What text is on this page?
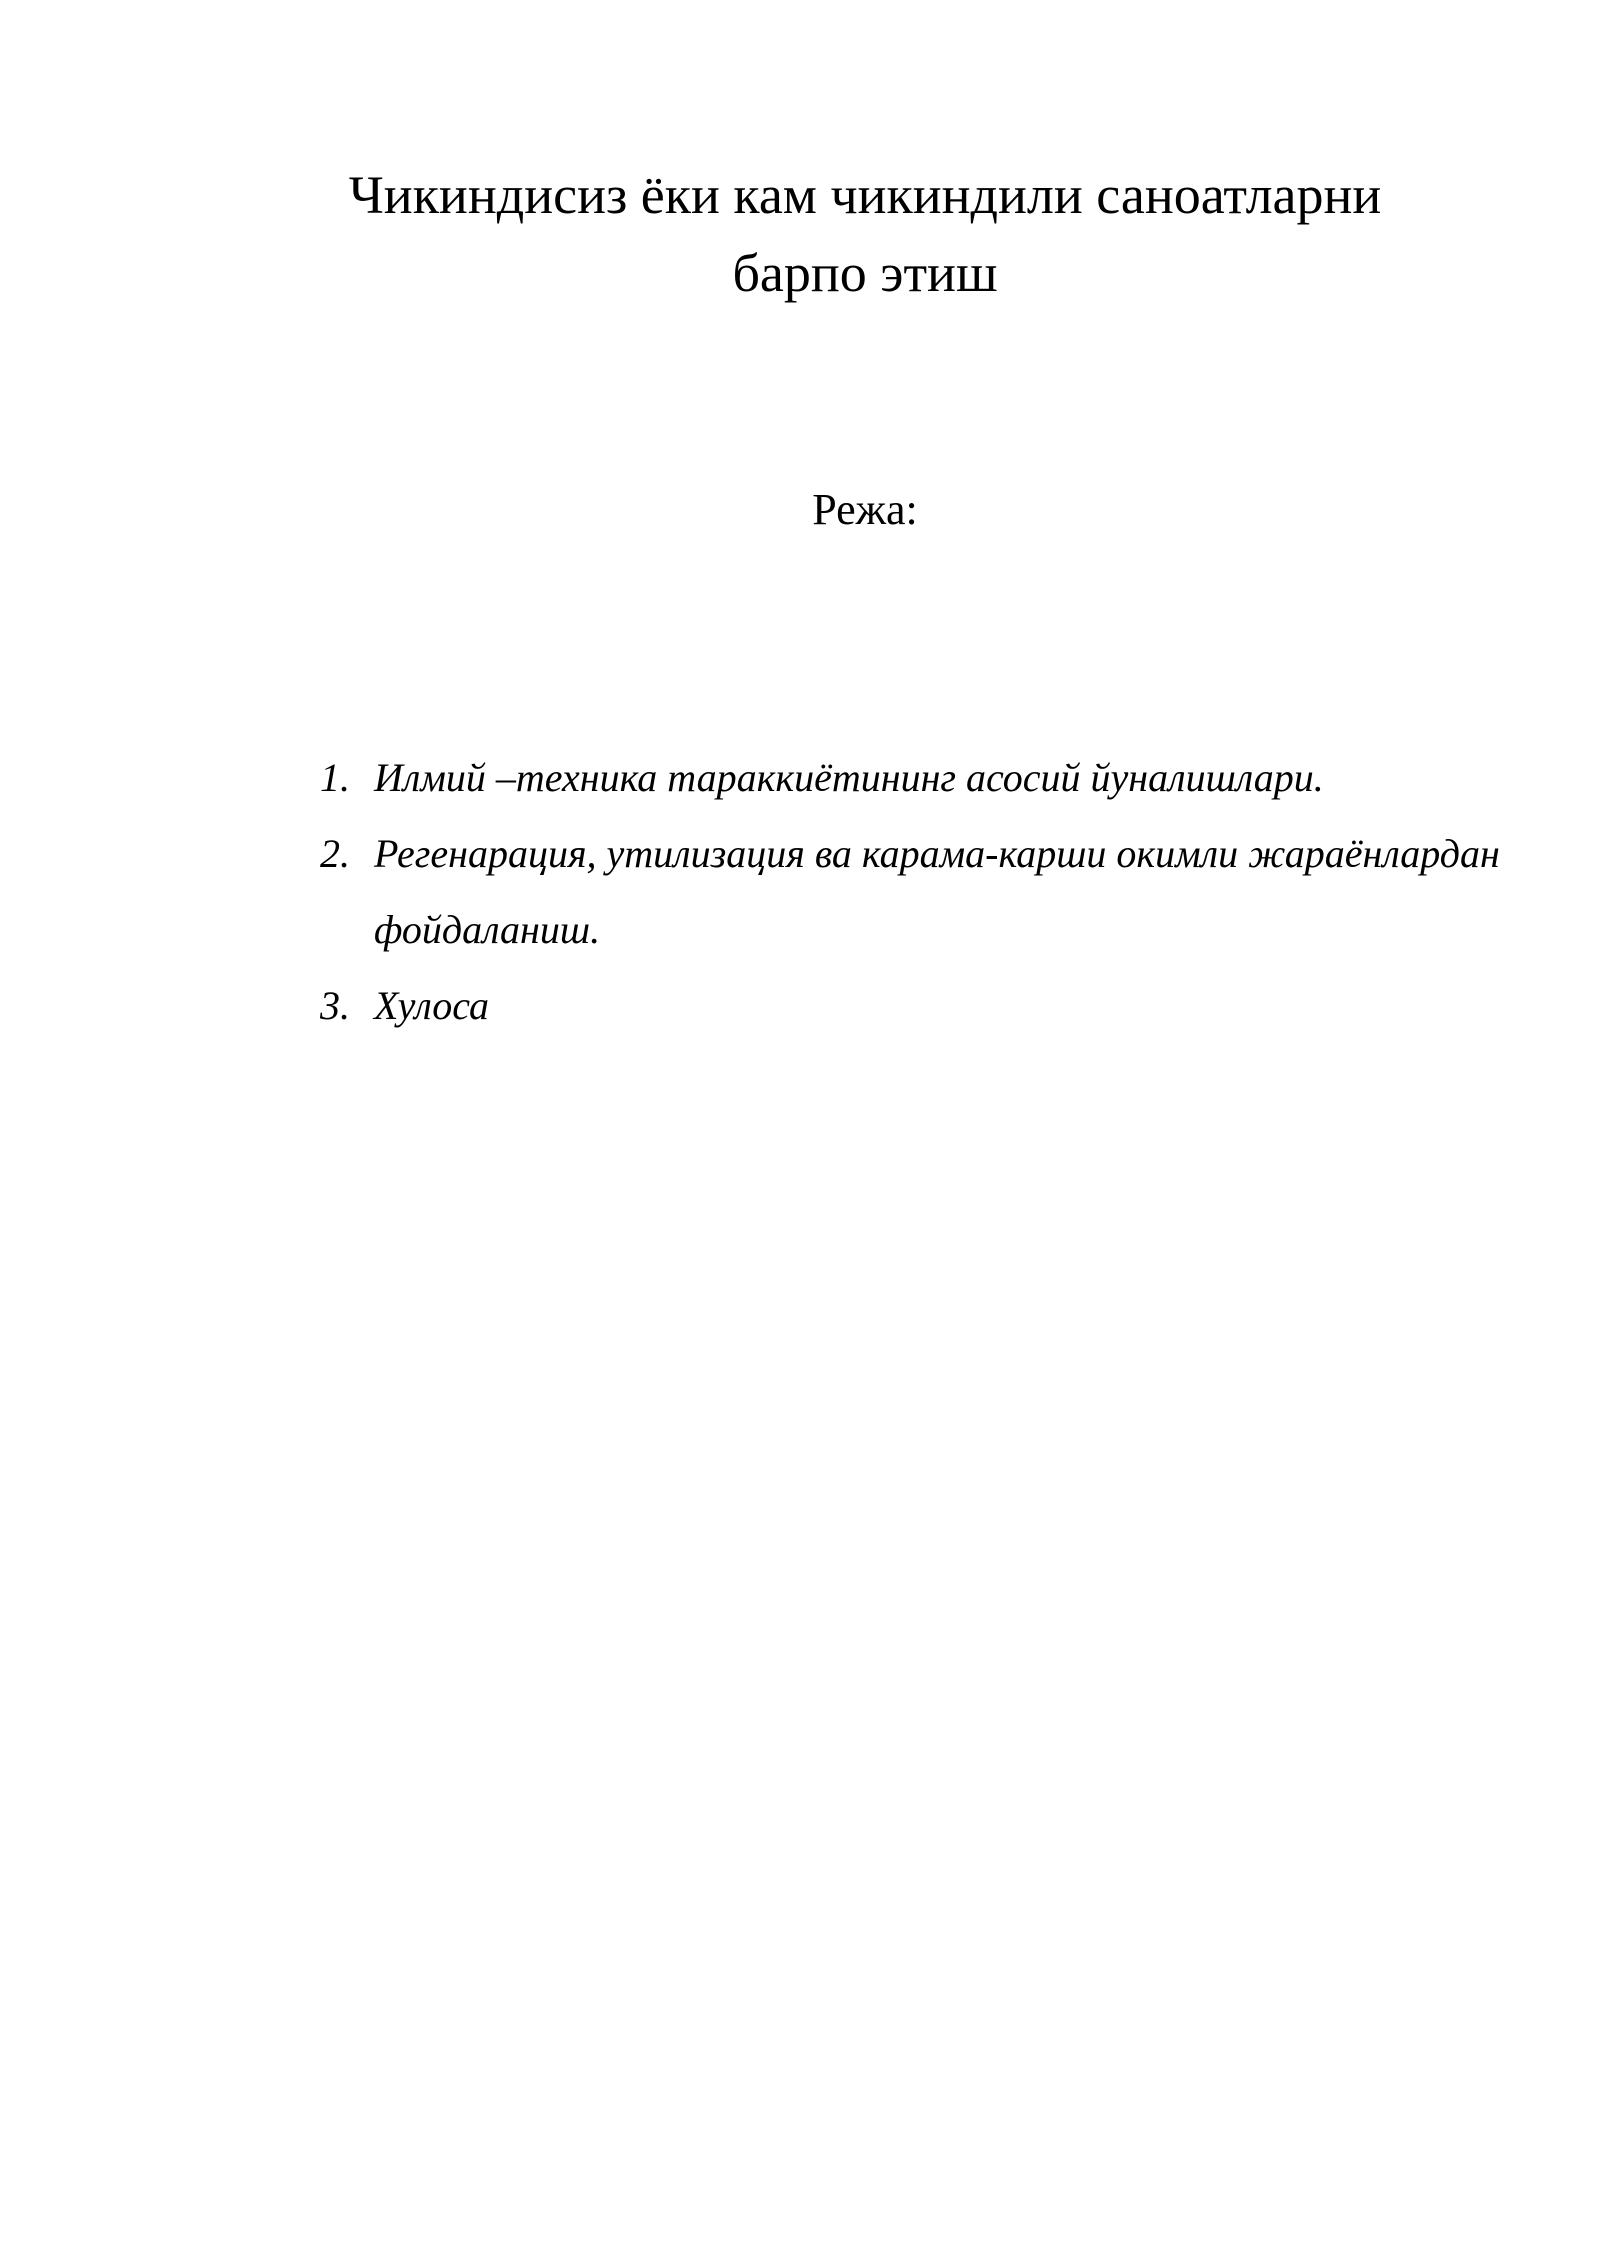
Чикиндисиз ёки кам чикиндили саноатларни
барпо этиш

Режа:

1. Илмий –техника тараккиётининг асосий йуналишлари.
2. Регенарация, утилизация ва карама-карши окимли жараёнлардан фойдаланиш.
3. Хулоса
